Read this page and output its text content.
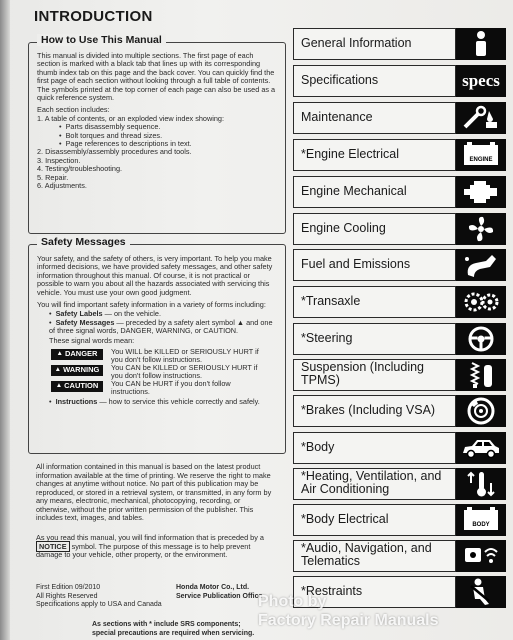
INTRODUCTION
How to Use This Manual

This manual is divided into multiple sections. The first page of each section is marked with a black tab that lines up with its corresponding thumb index tab on this page and the back cover. You can quickly find the first page of each section without looking through a full table of contents. The symbols printed at the top corner of each page can also be used as a quick reference system.

Each section includes:
1. A table of contents, or an exploded view index showing:
• Parts disassembly sequence.
• Bolt torques and thread sizes.
• Page references to descriptions in text.
2. Disassembly/assembly procedures and tools.
3. Inspection.
4. Testing/troubleshooting.
5. Repair.
6. Adjustments.
Safety Messages

Your safety, and the safety of others, is very important. To help you make informed decisions, we have provided safety messages, and other safety information throughout this manual. Of course, it is not practical or possible to warn you about all the hazards associated with servicing this vehicle. You must use your own good judgment.

You will find important safety information in a variety of forms including:

• Safety Labels — on the vehicle.
• Safety Messages — preceded by a safety alert symbol ▲ and one of three signal words, DANGER, WARNING, or CAUTION.
These signal words mean:
▲ DANGER You WILL be KILLED or SERIOUSLY HURT if you don't follow instructions.
▲ WARNING You CAN be KILLED or SERIOUSLY HURT if you don't follow instructions.
▲ CAUTION You CAN be HURT if you don't follow instructions.
• Instructions — how to service this vehicle correctly and safely.
All information contained in this manual is based on the latest product information available at the time of printing. We reserve the right to make changes at anytime without notice. No part of this publication may be reproduced, or stored in a retrieval system, or transmitted, in any form by any means, electronic, mechanical, photocopying, recording, or otherwise, without the prior written permission of the publisher. This includes text, images, and tables.
As you read this manual, you will find information that is preceded by a NOTICE symbol. The purpose of this message is to help prevent damage to your vehicle, other property, or the environment.
First Edition 09/2010
All Rights Reserved
Specifications apply to USA and Canada
Honda Motor Co., Ltd.
Service Publication Office
As sections with * include SRS components;
special precautions are required when servicing.
General Information
Specifications	specs
Maintenance
*Engine Electrical	ENGINE
Engine Mechanical
Engine Cooling
Fuel and Emissions
*Transaxle
*Steering
Suspension (Including TPMS)
*Brakes (Including VSA)
*Body
*Heating, Ventilation, and Air Conditioning
*Body Electrical	BODY
*Audio, Navigation, and Telematics
*Restraints
Photo by
Factory Repair Manuals
